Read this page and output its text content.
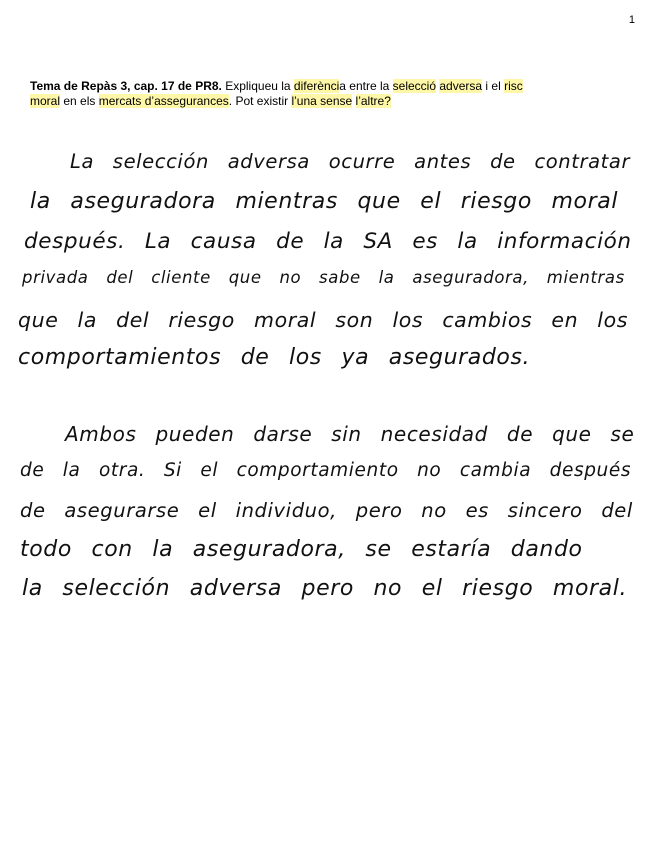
1
Tema de Repàs 3, cap. 17 de PR8. Expliqueu la diferència entre la selecció adversa i el risc moral en els mercats d’assegurances. Pot existir l’una sense l’altre?
La selección adversa ocurre antes de contratar
la aseguradora mientras que el riesgo moral
después. La causa de la SA es la información
privada del cliente que no sabe la aseguradora, mientras
que la del riesgo moral son los cambios en los
comportamientos de los ya asegurados.
Ambos pueden darse sin necesidad de que se
de la otra. Si el comportamiento no cambia después
de asegurarse el individuo, pero no es sincero del
todo con la aseguradora, se estaría dando
la selección adversa pero no el riesgo moral.
